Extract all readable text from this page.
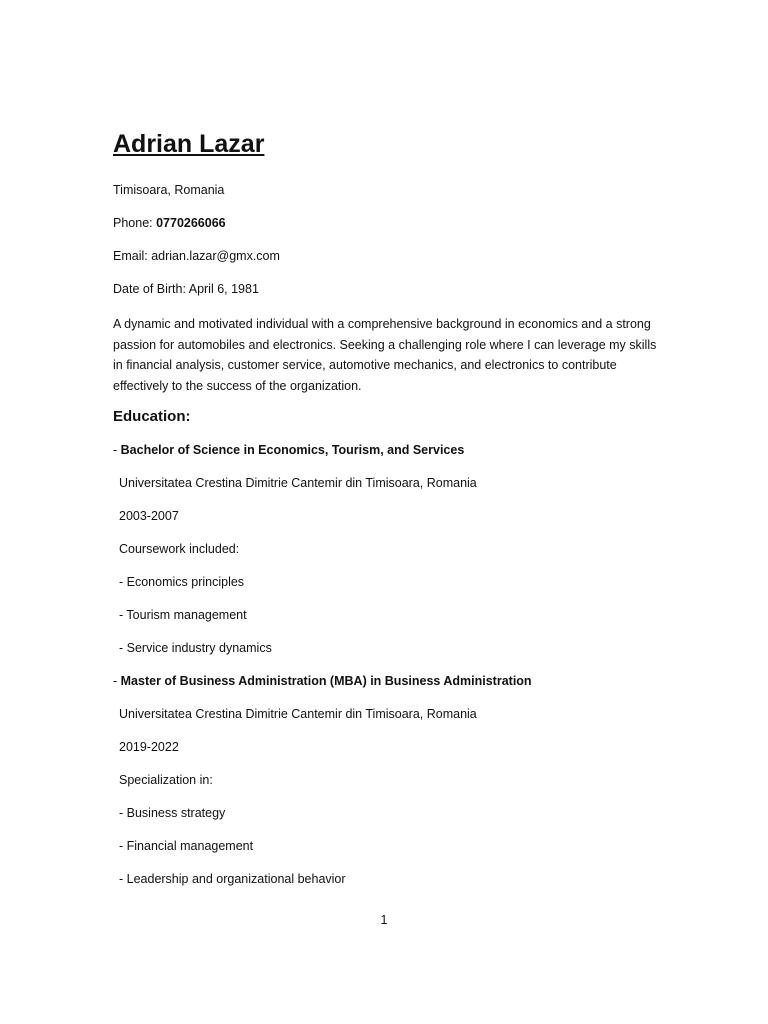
Adrian Lazar
Timisoara, Romania
Phone: 0770266066
Email: adrian.lazar@gmx.com
Date of Birth: April 6, 1981
A dynamic and motivated individual with a comprehensive background in economics and a strong passion for automobiles and electronics. Seeking a challenging role where I can leverage my skills in financial analysis, customer service, automotive mechanics, and electronics to contribute effectively to the success of the organization.
Education:
- Bachelor of Science in Economics, Tourism, and Services
Universitatea Crestina Dimitrie Cantemir din Timisoara, Romania
2003-2007
Coursework included:
- Economics principles
- Tourism management
- Service industry dynamics
- Master of Business Administration (MBA) in Business Administration
Universitatea Crestina Dimitrie Cantemir din Timisoara, Romania
2019-2022
Specialization in:
- Business strategy
- Financial management
- Leadership and organizational behavior
1
